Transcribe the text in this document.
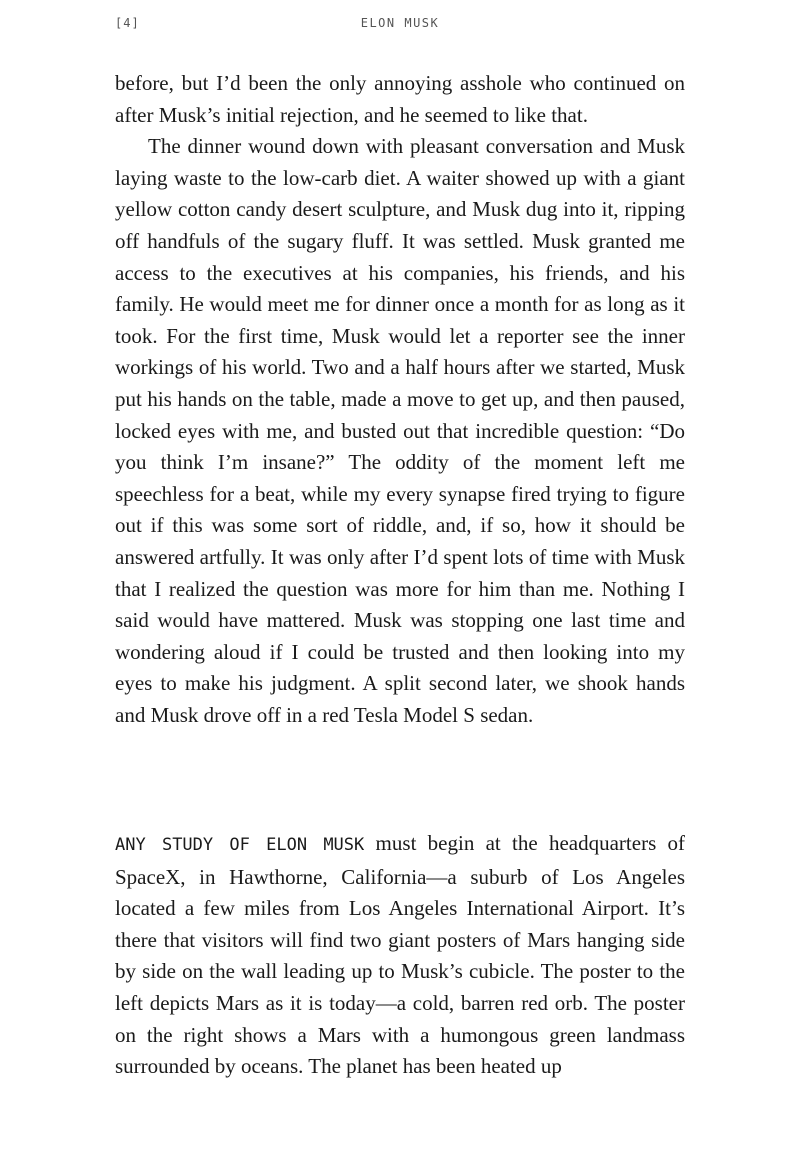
[4]	ELON MUSK

before, but I’d been the only annoying asshole who continued on after Musk’s initial rejection, and he seemed to like that.

The dinner wound down with pleasant conversation and Musk laying waste to the low-carb diet. A waiter showed up with a giant yellow cotton candy desert sculpture, and Musk dug into it, ripping off handfuls of the sugary fluff. It was settled. Musk granted me access to the executives at his companies, his friends, and his family. He would meet me for dinner once a month for as long as it took. For the first time, Musk would let a reporter see the inner workings of his world. Two and a half hours after we started, Musk put his hands on the table, made a move to get up, and then paused, locked eyes with me, and busted out that incredible question: “Do you think I’m insane?” The oddity of the moment left me speechless for a beat, while my every synapse fired trying to figure out if this was some sort of riddle, and, if so, how it should be answered artfully. It was only after I’d spent lots of time with Musk that I realized the question was more for him than me. Nothing I said would have mattered. Musk was stopping one last time and wondering aloud if I could be trusted and then looking into my eyes to make his judgment. A split second later, we shook hands and Musk drove off in a red Tesla Model S sedan.

ANY STUDY OF ELON MUSK must begin at the headquarters of SpaceX, in Hawthorne, California—a suburb of Los Angeles located a few miles from Los Angeles International Airport. It’s there that visitors will find two giant posters of Mars hanging side by side on the wall leading up to Musk’s cubicle. The poster to the left depicts Mars as it is today—a cold, barren red orb. The poster on the right shows a Mars with a humongous green landmass surrounded by oceans. The planet has been heated up
